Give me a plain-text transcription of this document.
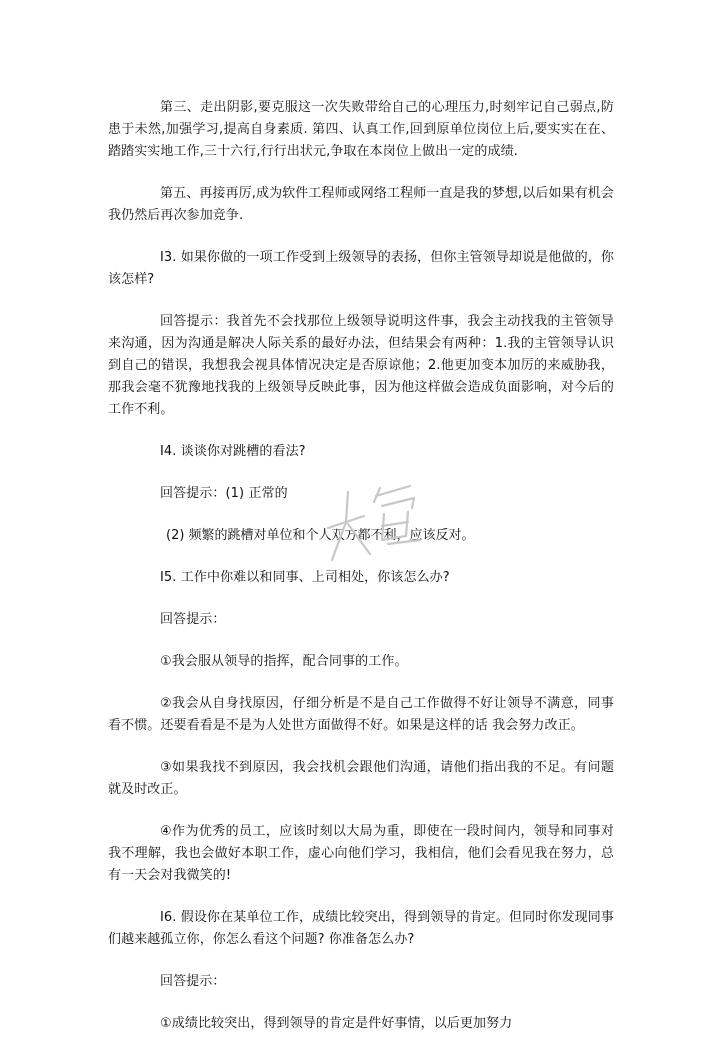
第三、走出阴影,要克服这一次失败带给自己的心理压力,时刻牢记自己弱点,防患于未然,加强学习,提高自身素质. 第四、认真工作,回到原单位岗位上后,要实实在在、踏踏实实地工作,三十六行,行行出状元,争取在本岗位上做出一定的成绩.

第五、再接再厉,成为软件工程师或网络工程师一直是我的梦想,以后如果有机会我仍然后再次参加竞争.

I3. 如果你做的一项工作受到上级领导的表扬，但你主管领导却说是他做的，你该怎样?

回答提示：我首先不会找那位上级领导说明这件事，我会主动找我的主管领导来沟通，因为沟通是解决人际关系的最好办法，但结果会有两种：1.我的主管领导认识到自己的错误，我想我会视具体情况决定是否原谅他；2.他更加变本加厉的来威胁我，那我会毫不犹豫地找我的上级领导反映此事，因为他这样做会造成负面影响，对今后的工作不利。

I4. 谈谈你对跳槽的看法?

回答提示：(1) 正常的

(2) 频繁的跳槽对单位和个人双方都不利，应该反对。

I5. 工作中你难以和同事、上司相处，你该怎么办?

回答提示：

①我会服从领导的指挥，配合同事的工作。

②我会从自身找原因，仔细分析是不是自己工作做得不好让领导不满意，同事看不惯。还要看看是不是为人处世方面做得不好。如果是这样的话 我会努力改正。

③如果我找不到原因，我会找机会跟他们沟通，请他们指出我的不足。有问题就及时改正。

④作为优秀的员工，应该时刻以大局为重，即使在一段时间内，领导和同事对我不理解，我也会做好本职工作，虚心向他们学习，我相信，他们会看见我在努力，总有一天会对我微笑的!

I6. 假设你在某单位工作，成绩比较突出，得到领导的肯定。但同时你发现同事们越来越孤立你，你怎么看这个问题? 你准备怎么办?

回答提示：

①成绩比较突出，得到领导的肯定是件好事情，以后更加努力
